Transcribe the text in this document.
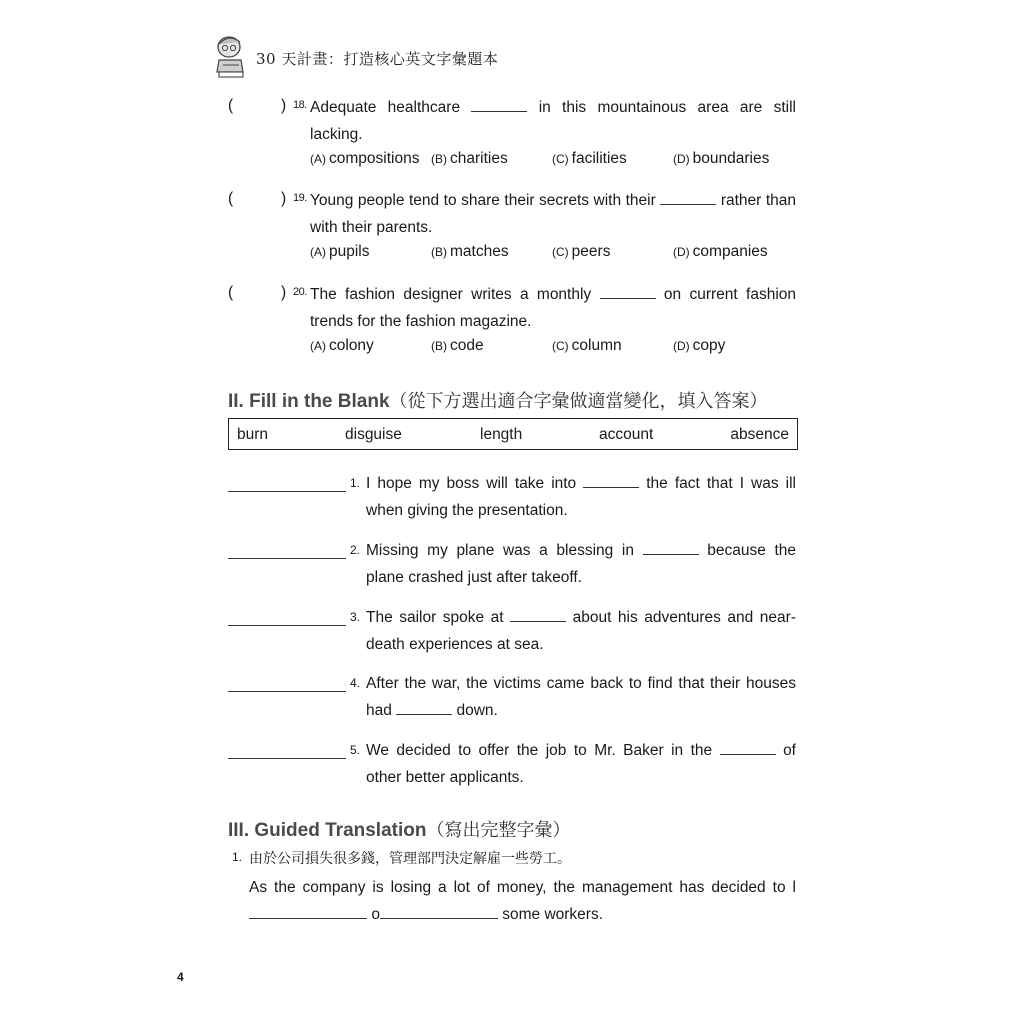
30 天計畫：打造核心英文字彙題本
(	) 18. Adequate healthcare	in this mountainous area are still lacking.
(A) compositions (B) charities	(C) facilities	(D) boundaries
(	) 19. Young people tend to share their secrets with their	rather than with their parents.
(A) pupils	(B) matches	(C) peers	(D) companies
(	) 20. The fashion designer writes a monthly	on current fashion trends for the fashion magazine.
(A) colony	(B) code	(C) column	(D) copy
II. Fill in the Blank（從下方選出適合字彙做適當變化，填入答案）
burn	disguise	length	account	absence
1. I hope my boss will take into	the fact that I was ill when giving the presentation.
2. Missing my plane was a blessing in	because the plane crashed just after takeoff.
3. The sailor spoke at	about his adventures and near-death experiences at sea.
4. After the war, the victims came back to find that their houses had	down.
5. We decided to offer the job to Mr. Baker in the	of other better applicants.
III. Guided Translation（寫出完整字彙）
1. 由於公司損失很多錢，管理部門決定解雇一些勞工。
As the company is losing a lot of money, the management has decided to l o	some workers.
4
